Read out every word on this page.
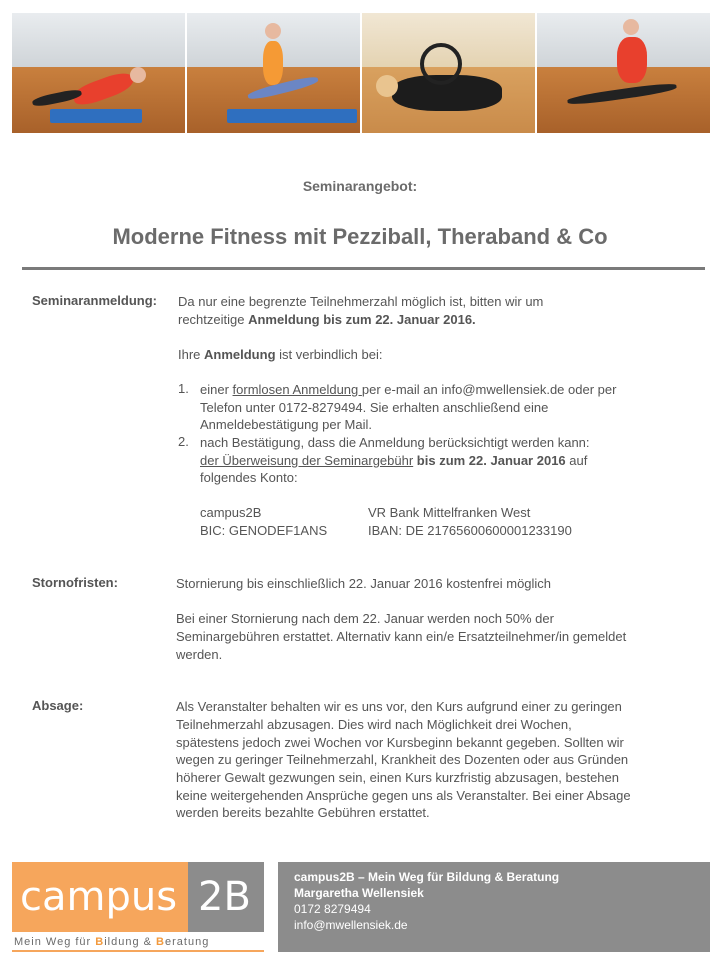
Seminarangebot:
Moderne Fitness mit Pezziball, Theraband & Co
Seminaranmeldung: Da nur eine begrenzte Teilnehmerzahl möglich ist, bitten wir um
rechtzeitige Anmeldung bis zum 22. Januar 2016.
Ihre Anmeldung ist verbindlich bei:
1. einer formlosen Anmeldung per e-mail an info@mwellensiek.de oder per
Telefon unter 0172-8279494. Sie erhalten anschließend eine
Anmeldebestätigung per Mail.
2. nach Bestätigung, dass die Anmeldung berücksichtigt werden kann:
der Überweisung der Seminargebühr bis zum 22. Januar 2016 auf
folgendes Konto:
campus2B	VR Bank Mittelfranken West
BIC: GENODEF1ANS	IBAN: DE 21765600600001233190
Stornofristen:	Stornierung bis einschließlich 22. Januar 2016 kostenfrei möglich
Bei einer Stornierung nach dem 22. Januar werden noch 50% der
Seminargebühren erstattet. Alternativ kann ein/e Ersatzteilnehmer/in gemeldet
werden.
Absage:	Als Veranstalter behalten wir es uns vor, den Kurs aufgrund einer zu geringen
Teilnehmerzahl abzusagen. Dies wird nach Möglichkeit drei Wochen,
spätestens jedoch zwei Wochen vor Kursbeginn bekannt gegeben. Sollten wir
wegen zu geringer Teilnehmerzahl, Krankheit des Dozenten oder aus Gründen
höherer Gewalt gezwungen sein, einen Kurs kurzfristig abzusagen, bestehen
keine weitergehenden Ansprüche gegen uns als Veranstalter. Bei einer Absage
werden bereits bezahlte Gebühren erstattet.
campus 2B
Mein Weg für Bildung & Beratung
campus2B – Mein Weg für Bildung & Beratung
Margaretha Wellensiek
0172 8279494
info@mwellensiek.de
